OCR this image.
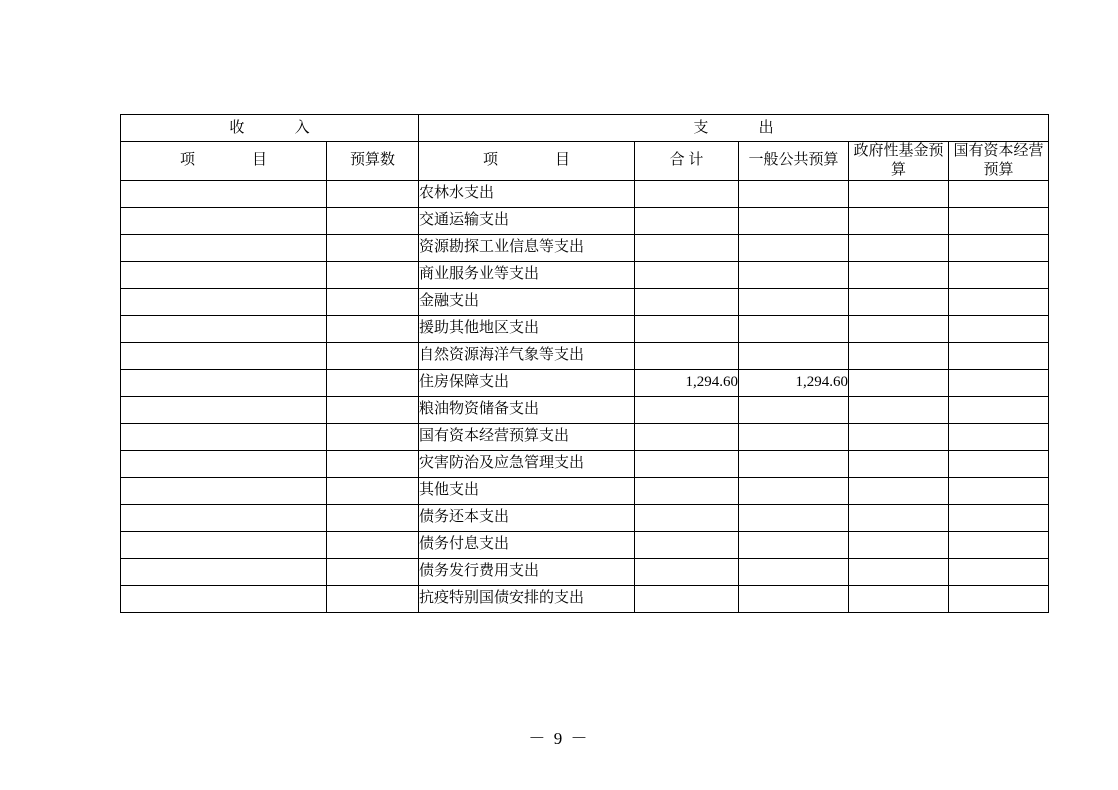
收　　入		支　　出				
项　　目	预算数	项　　目	合 计	一般公共预算	政府性基金预算	国有资本经营预算
		农林水支出				
		交通运输支出				
		资源勘探工业信息等支出				
		商业服务业等支出				
		金融支出				
		援助其他地区支出				
		自然资源海洋气象等支出				
		住房保障支出	1,294.60	1,294.60		
		粮油物资储备支出				
		国有资本经营预算支出				
		灾害防治及应急管理支出				
		其他支出				
		债务还本支出				
		债务付息支出				
		债务发行费用支出				
		抗疫特别国债安排的支出				
－ 9 －
